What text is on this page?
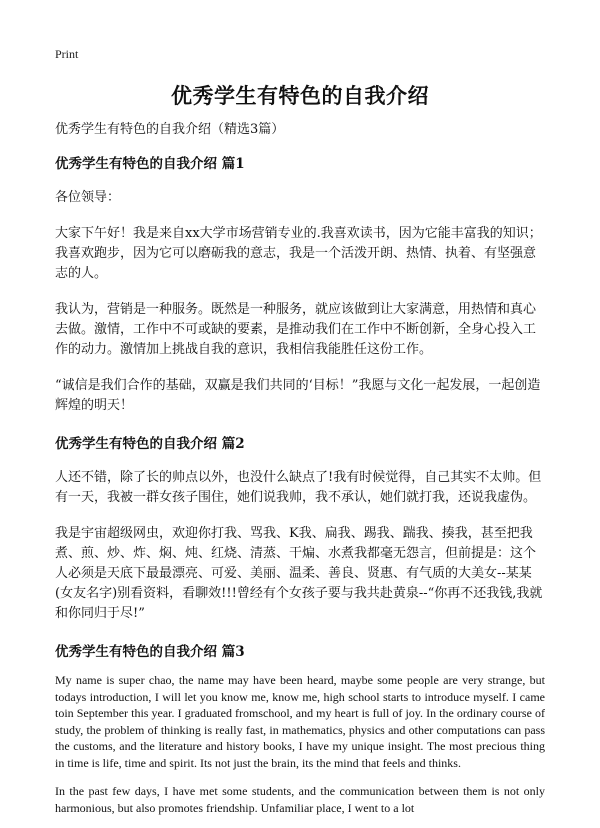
Print
优秀学生有特色的自我介绍
优秀学生有特色的自我介绍（精选3篇）
优秀学生有特色的自我介绍 篇1

各位领导：

大家下午好！我是来自xx大学市场营销专业的.我喜欢读书，因为它能丰富我的知识；我喜欢跑步，因为它可以磨砺我的意志，我是一个活泼开朗、热情、执着、有坚强意志的人。

我认为，营销是一种服务。既然是一种服务，就应该做到让大家满意，用热情和真心去做。激情，工作中不可或缺的要素，是推动我们在工作中不断创新，全身心投入工作的动力。激情加上挑战自我的意识，我相信我能胜任这份工作。

“诚信是我们合作的基础，双赢是我们共同的‘目标！”我愿与文化一起发展，一起创造辉煌的明天！

优秀学生有特色的自我介绍 篇2

人还不错，除了长的帅点以外，也没什么缺点了!我有时候觉得，自己其实不太帅。但有一天，我被一群女孩子围住，她们说我帅，我不承认，她们就打我，还说我虚伪。

我是宇宙超级网虫，欢迎你打我、骂我、K我、扁我、踢我、踹我、揍我，甚至把我煮、煎、炒、炸、焖、炖、红烧、清蒸、干煸、水煮我都毫无怨言，但前提是：这个人必须是天底下最最漂亮、可爱、美丽、温柔、善良、贤惠、有气质的大美女--某某(女友名字)别看资料，看聊效!!!曾经有个女孩子要与我共赴黄泉--“你再不还我钱,我就和你同归于尽!”

优秀学生有特色的自我介绍 篇3

My name is super chao, the name may have been heard, maybe some people are very strange, but todays introduction, I will let you know me, know me, high school starts to introduce myself. I came toin September this year. I graduated fromschool, and my heart is full of joy. In the ordinary course of study, the problem of thinking is really fast, in mathematics, physics and other computations can pass the customs, and the literature and history books, I have my unique insight. The most precious thing in time is life, time and spirit. Its not just the brain, its the mind that feels and thinks.

In the past few days, I have met some students, and the communication between them is not only harmonious, but also promotes friendship. Unfamiliar place, I went to a lot
